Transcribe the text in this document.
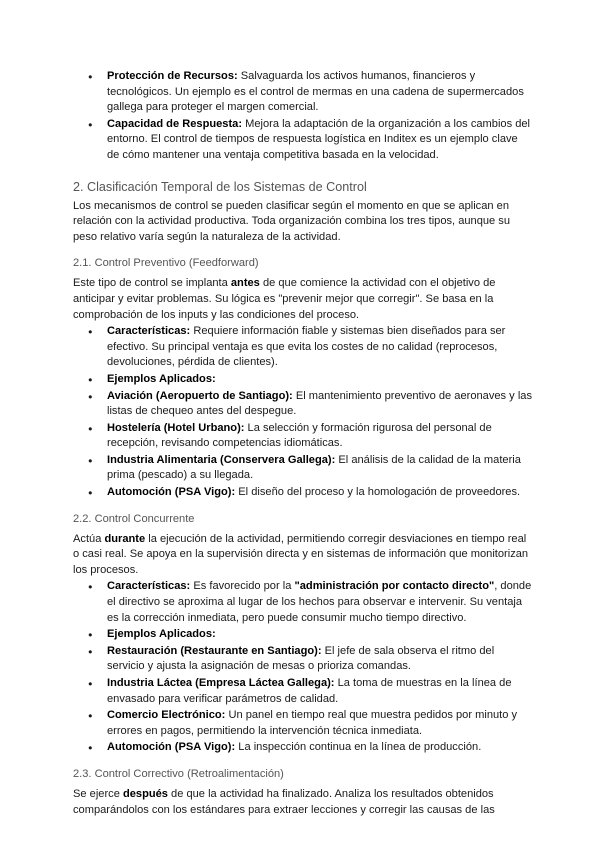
● Protección de Recursos: Salvaguarda los activos humanos, financieros y tecnológicos. Un ejemplo es el control de mermas en una cadena de supermercados gallega para proteger el margen comercial.
● Capacidad de Respuesta: Mejora la adaptación de la organización a los cambios del entorno. El control de tiempos de respuesta logística en Inditex es un ejemplo clave de cómo mantener una ventaja competitiva basada en la velocidad.
2. Clasificación Temporal de los Sistemas de Control

Los mecanismos de control se pueden clasificar según el momento en que se aplican en relación con la actividad productiva. Toda organización combina los tres tipos, aunque su peso relativo varía según la naturaleza de la actividad.

2.1. Control Preventivo (Feedforward)

Este tipo de control se implanta antes de que comience la actividad con el objetivo de anticipar y evitar problemas. Su lógica es "prevenir mejor que corregir". Se basa en la comprobación de los inputs y las condiciones del proceso.

● Características: Requiere información fiable y sistemas bien diseñados para ser efectivo. Su principal ventaja es que evita los costes de no calidad (reprocesos, devoluciones, pérdida de clientes).
● Ejemplos Aplicados:
● Aviación (Aeropuerto de Santiago): El mantenimiento preventivo de aeronaves y las listas de chequeo antes del despegue.
● Hostelería (Hotel Urbano): La selección y formación rigurosa del personal de recepción, revisando competencias idiomáticas.
● Industria Alimentaria (Conservera Gallega): El análisis de la calidad de la materia prima (pescado) a su llegada.
● Automoción (PSA Vigo): El diseño del proceso y la homologación de proveedores.
2.2. Control Concurrente

Actúa durante la ejecución de la actividad, permitiendo corregir desviaciones en tiempo real o casi real. Se apoya en la supervisión directa y en sistemas de información que monitorizan los procesos.

● Características: Es favorecido por la "administración por contacto directo", donde el directivo se aproxima al lugar de los hechos para observar e intervenir. Su ventaja es la corrección inmediata, pero puede consumir mucho tiempo directivo.
● Ejemplos Aplicados:
● Restauración (Restaurante en Santiago): El jefe de sala observa el ritmo del servicio y ajusta la asignación de mesas o prioriza comandas.
● Industria Láctea (Empresa Láctea Gallega): La toma de muestras en la línea de envasado para verificar parámetros de calidad.
● Comercio Electrónico: Un panel en tiempo real que muestra pedidos por minuto y errores en pagos, permitiendo la intervención técnica inmediata.
● Automoción (PSA Vigo): La inspección continua en la línea de producción.
2.3. Control Correctivo (Retroalimentación)

Se ejerce después de que la actividad ha finalizado. Analiza los resultados obtenidos comparándolos con los estándares para extraer lecciones y corregir las causas de las
